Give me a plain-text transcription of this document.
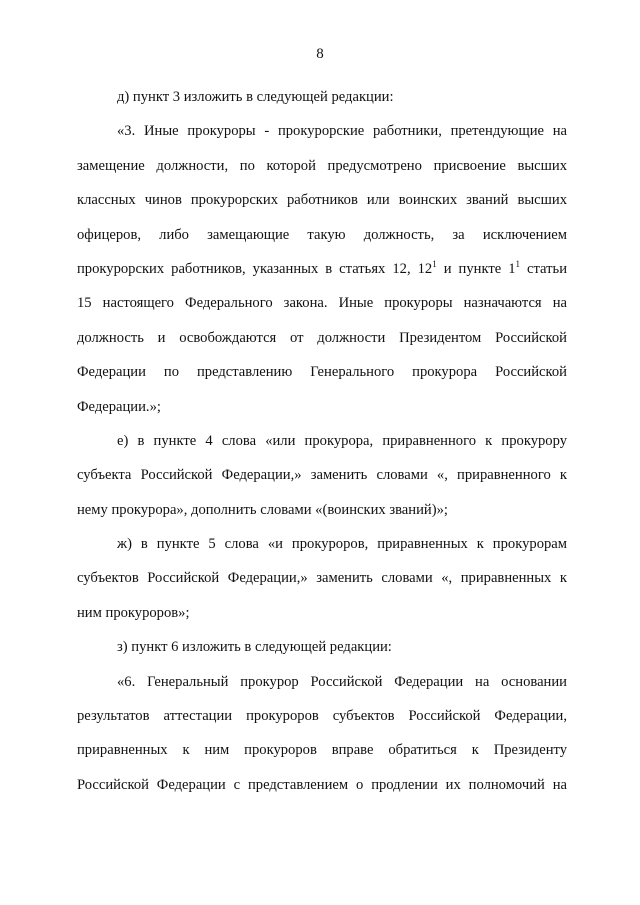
8
д) пункт 3 изложить в следующей редакции:
«3. Иные прокуроры - прокурорские работники, претендующие на
замещение должности, по которой предусмотрено присвоение высших
классных чинов прокурорских работников или воинских званий высших
офицеров, либо замещающие такую должность, за исключением
прокурорских работников, указанных в статьях 12, $12^1$ и пункте $1^1$ статьи
15 настоящего Федерального закона. Иные прокуроры назначаются на
должность и освобождаются от должности Президентом Российской
Федерации по представлению Генерального прокурора Российской
Федерации.»;
е) в пункте 4 слова «или прокурора, приравненного к прокурору
субъекта Российской Федерации,» заменить словами «, приравненного к
нему прокурора», дополнить словами «(воинских званий)»;
ж) в пункте 5 слова «и прокуроров, приравненных к прокурорам
субъектов Российской Федерации,» заменить словами «, приравненных к
ним прокуроров»;
з) пункт 6 изложить в следующей редакции:
«6. Генеральный прокурор Российской Федерации на основании
результатов аттестации прокуроров субъектов Российской Федерации,
приравненных к ним прокуроров вправе обратиться к Президенту
Российской Федерации с представлением о продлении их полномочий на
